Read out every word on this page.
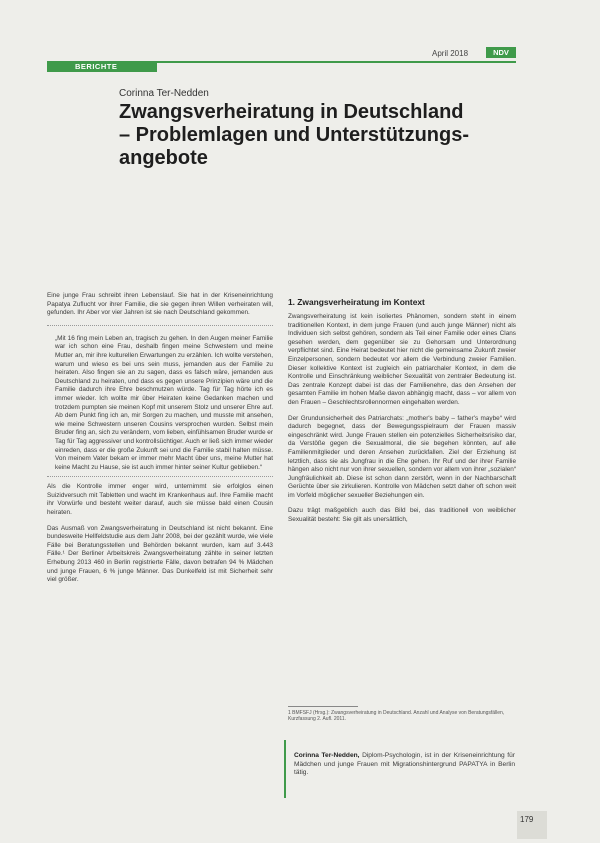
April 2018	NDV
BERICHTE
Corinna Ter-Nedden
Zwangsverheiratung in Deutschland
– Problemlagen und Unterstützungs-
angebote

Eine junge Frau schreibt ihren Lebenslauf. Sie hat in der Kriseneinrichtung Papatya Zuflucht vor ihrer Familie, die sie gegen ihren Willen verheiraten will, gefunden. Ihr Aber vor vier Jahren ist sie nach Deutschland gekommen.

„Mit 16 fing mein Leben an, tragisch zu gehen. In den Augen meiner Familie war ich schon eine Frau, deshalb fingen meine Schwestern und meine Mutter an, mir ihre kulturellen Erwartungen zu erzählen. Ich wollte verstehen, warum und wieso es bei uns sein muss, jemanden aus der Familie zu heiraten. Also fingen sie an zu sagen, dass es falsch wäre, jemanden aus Deutschland zu heiraten, und dass es gegen unsere Prinzipien wäre und die Familie dadurch ihre Ehre beschmutzen würde. Tag für Tag hörte ich es immer wieder. Ich wollte mir über Heiraten keine Gedanken machen und trotzdem pumpten sie meinen Kopf mit unserem Stolz und unserer Ehre auf. Ab dem Punkt fing ich an, mir Sorgen zu machen, und musste mit ansehen, wie meine Schwestern unseren Cousins versprochen wurden. Selbst mein Bruder fing an, sich zu verändern, vom lieben, einfühlsamen Bruder wurde er Tag für Tag aggressiver und kontrollsüchtiger. Auch er ließ sich immer wieder einreden, dass er die große Zukunft sei und die Familie stabil halten müsse. Von meinem Vater bekam er immer mehr Macht über uns, meine Mutter hat keine Macht zu Hause, sie ist auch immer hinter seiner Kultur geblieben.“

Als die Kontrolle immer enger wird, unternimmt sie erfolglos einen Suizidversuch mit Tabletten und wacht im Krankenhaus auf. Ihre Familie macht ihr Vorwürfe und besteht weiter darauf, auch sie müsse bald einen Cousin heiraten.

Das Ausmaß von Zwangsverheiratung in Deutschland ist nicht bekannt. Eine bundesweite Hellfeldstudie aus dem Jahr 2008, bei der gezählt wurde, wie viele Fälle bei Beratungsstellen und Behörden bekannt wurden, kam auf 3.443 Fälle.¹ Der Berliner Arbeitskreis Zwangsverheiratung zählte in seiner letzten Erhebung 2013 460 in Berlin registrierte Fälle, davon betrafen 94 % Mädchen und junge Frauen, 6 % junge Männer. Das Dunkelfeld ist mit Sicherheit sehr viel größer.

1. Zwangsverheiratung im Kontext

Zwangsverheiratung ist kein isoliertes Phänomen, sondern steht in einem traditionellen Kontext, in dem junge Frauen (und auch junge Männer) nicht als Individuen sich selbst gehören, sondern als Teil einer Familie oder eines Clans gesehen werden, dem gegenüber sie zu Gehorsam und Unterordnung verpflichtet sind. Eine Heirat bedeutet hier nicht die gemeinsame Zukunft zweier Einzelpersonen, sondern bedeutet vor allem die Verbindung zweier Familien. Dieser kollektive Kontext ist zugleich ein patriarchaler Kontext, in dem die Kontrolle und Einschränkung weiblicher Sexualität von zentraler Bedeutung ist. Das zentrale Konzept dabei ist das der Familienehre, das den Ansehen der gesamten Familie im hohen Maße davon abhängig macht, dass – vor allem von den Frauen – Geschlechtsrollennormen eingehalten werden.

Der Grundunsicherheit des Patriarchats: „mother's baby – father's maybe“ wird dadurch begegnet, dass der Bewegungsspielraum der Frauen massiv eingeschränkt wird. Junge Frauen stellen ein potenzielles Sicherheitsrisiko dar, da Verstöße gegen die Sexualmoral, die sie begehen könnten, auf alle Familienmitglieder und deren Ansehen zurückfallen. Ziel der Erziehung ist letztlich, dass sie als Jungfrau in die Ehe gehen. Ihr Ruf und der ihrer Familie hängen also nicht nur von ihrer sexuellen, sondern vor allem von ihrer „sozialen“ Jungfräulichkeit ab. Diese ist schon dann zerstört, wenn in der Nachbarschaft Gerüchte über sie zirkulieren. Kontrolle von Mädchen setzt daher oft schon weit im Vorfeld möglicher sexueller Beziehungen ein.

Dazu trägt maßgeblich auch das Bild bei, das traditionell von weiblicher Sexualität besteht: Sie gilt als unersättlich,

1 BMFSFJ (Hrsg.): Zwangsverheiratung in Deutschland. Anzahl und Analyse von Beratungsfällen, Kurzfassung 2. Aufl. 2011.
Corinna Ter-Nedden, Diplom-Psychologin, ist in der Kriseneinrichtung für Mädchen und junge Frauen mit Migrationshintergrund PAPATYA in Berlin tätig.
179
